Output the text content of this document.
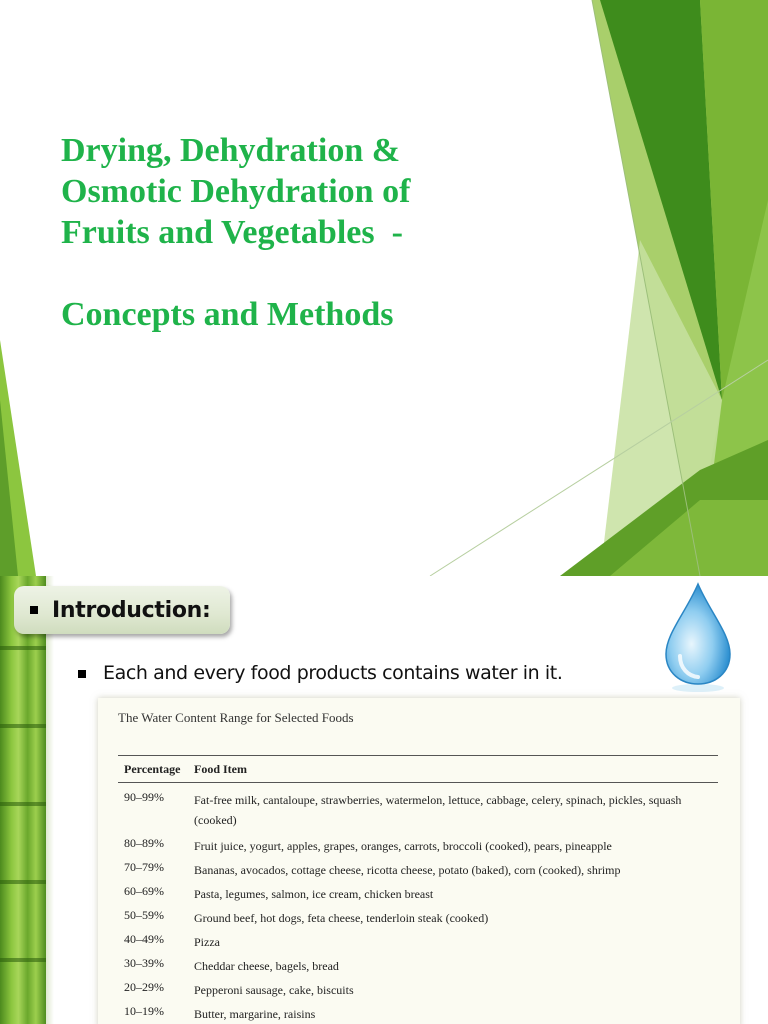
Drying, Dehydration &
Osmotic Dehydration of
Fruits and Vegetables  -
Concepts and Methods
Introduction:
Each and every food products contains water in it.
The Water Content Range for Selected Foods
Percentage Food Item
90–99%	Fat-free milk, cantaloupe, strawberries, watermelon, lettuce, cabbage, celery, spinach, pickles, squash (cooked)
80–89%	Fruit juice, yogurt, apples, grapes, oranges, carrots, broccoli (cooked), pears, pineapple
70–79%	Bananas, avocados, cottage cheese, ricotta cheese, potato (baked), corn (cooked), shrimp
60–69%	Pasta, legumes, salmon, ice cream, chicken breast
50–59%	Ground beef, hot dogs, feta cheese, tenderloin steak (cooked)
40–49%	Pizza
30–39%	Cheddar cheese, bagels, bread
20–29%	Pepperoni sausage, cake, biscuits
10–19%	Butter, margarine, raisins
